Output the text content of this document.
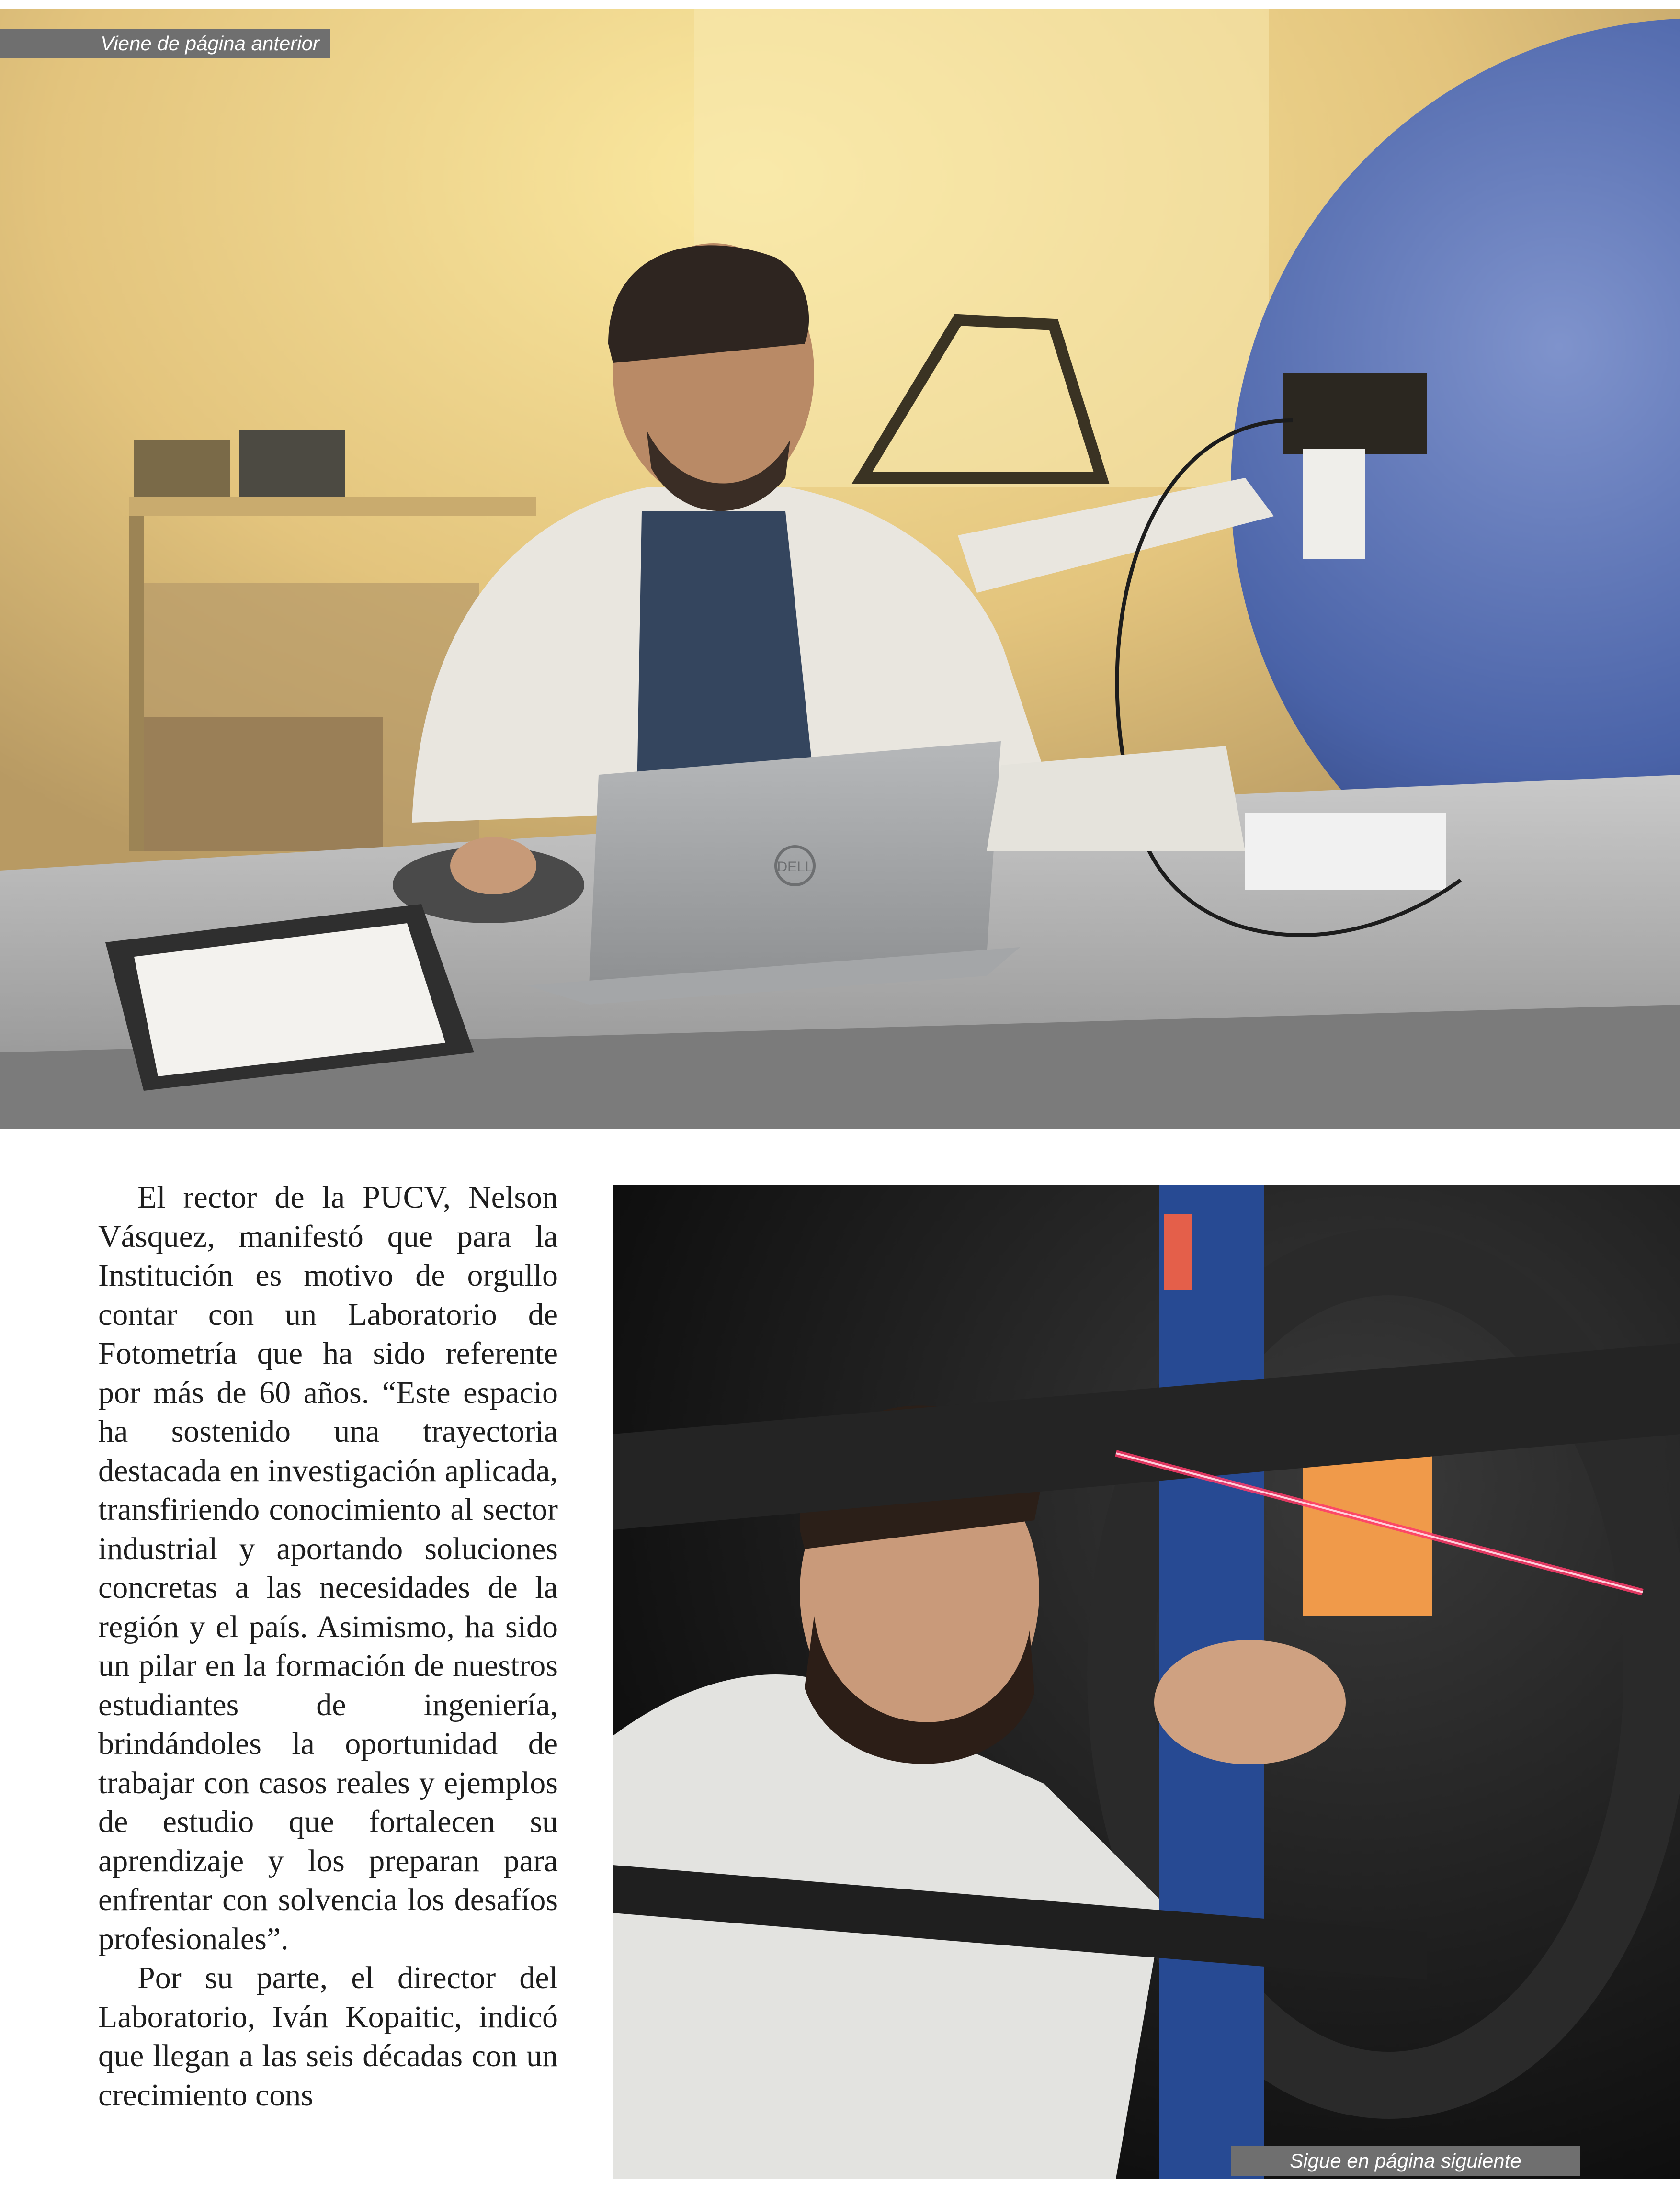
DELL
Viene de página anterior

El rector de la PUCV, Nelson Vásquez, manifestó que para la Institución es motivo de orgullo contar con un Laboratorio de Fotometría que ha sido referente por más de 60 años. “Este espacio ha sostenido una trayectoria destacada en investigación aplicada, transfiriendo conocimiento al sector industrial y aportando soluciones concretas a las necesidades de la región y el país. Asimismo, ha sido un pilar en la formación de nuestros estudiantes de ingeniería, brindándoles la oportunidad de trabajar con casos reales y ejemplos de estudio que fortalecen su aprendizaje y los preparan para enfrentar con solvencia los desafíos profesionales”.

Por su parte, el director del Laboratorio, Iván Kopaitic, indicó que llegan a las seis décadas con un crecimiento cons

Sigue en página siguiente
